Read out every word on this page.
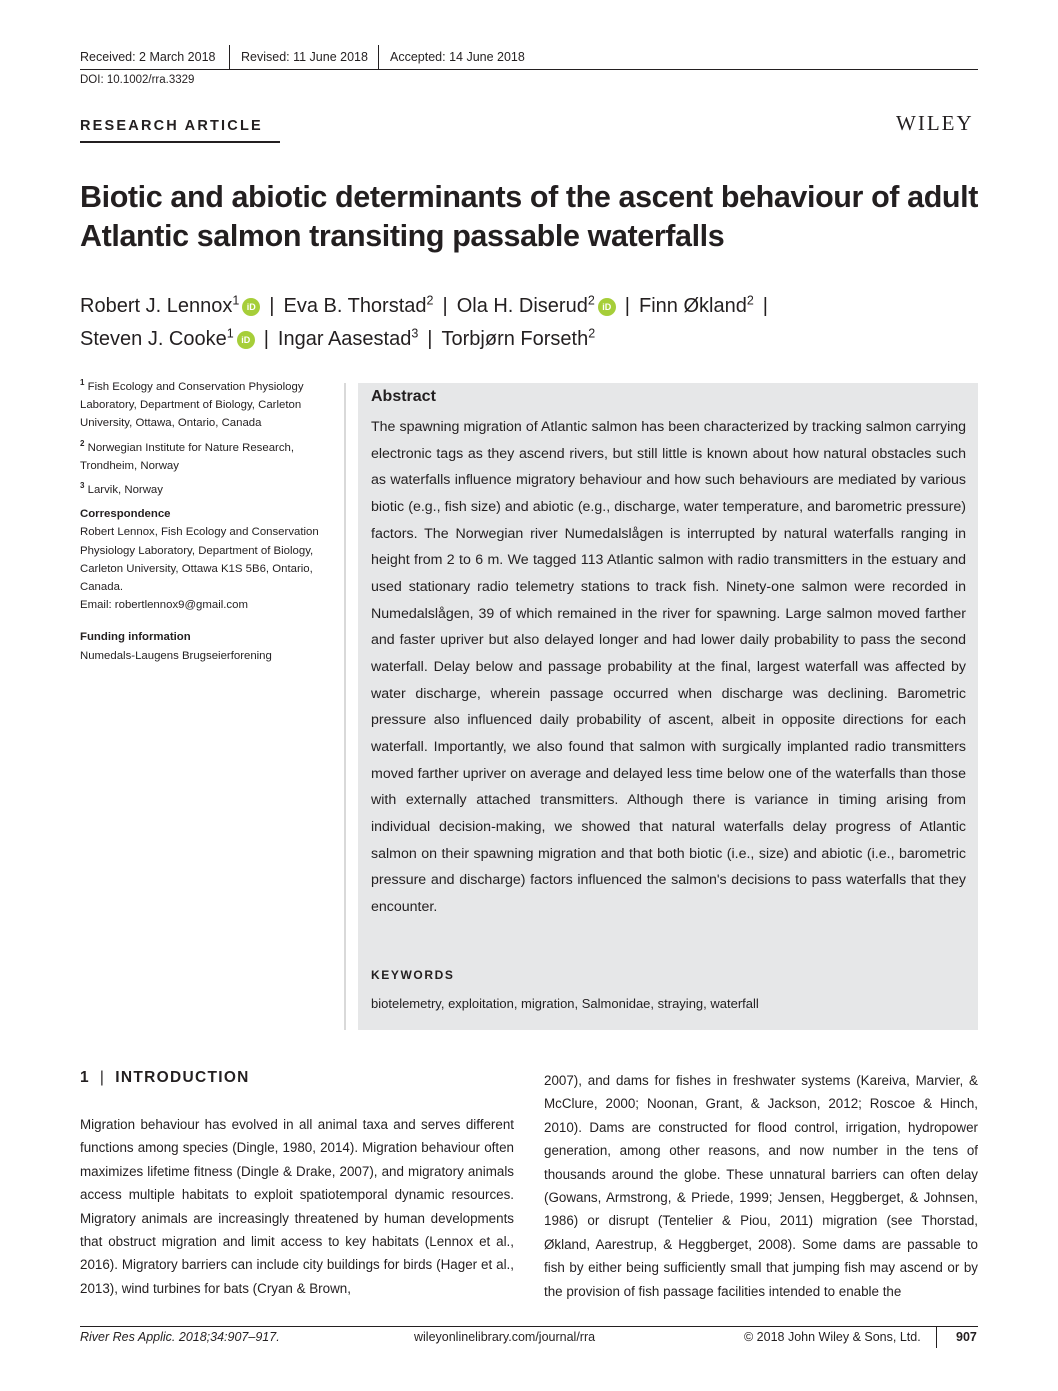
Received: 2 March 2018 Revised: 11 June 2018 Accepted: 14 June 2018
DOI: 10.1002/rra.3329
RESEARCH ARTICLE	WILEY
Biotic and abiotic determinants of the ascent behaviour of adult Atlantic salmon transiting passable waterfalls
Robert J. Lennox$^1$ iD | Eva B. Thorstad$^2$ | Ola H. Diserud$^2$ iD | Finn Økland$^2$ |
Steven J. Cooke$^1$ iD | Ingar Aasestad$^3$ | Torbjørn Forseth$^2$
$^1$ Fish Ecology and Conservation Physiology Laboratory, Department of Biology, Carleton University, Ottawa, Ontario, Canada
$^2$ Norwegian Institute for Nature Research, Trondheim, Norway
$^3$ Larvik, Norway
Correspondence
Robert Lennox, Fish Ecology and Conservation Physiology Laboratory, Department of Biology, Carleton University, Ottawa K1S 5B6, Ontario, Canada.
Email: robertlennox9@gmail.com
Funding information
Numedals-Laugens Brugseierforening
Abstract
The spawning migration of Atlantic salmon has been characterized by tracking salmon carrying electronic tags as they ascend rivers, but still little is known about how natural obstacles such as waterfalls influence migratory behaviour and how such behaviours are mediated by various biotic (e.g., fish size) and abiotic (e.g., discharge, water temperature, and barometric pressure) factors. The Norwegian river Numedalslågen is interrupted by natural waterfalls ranging in height from 2 to 6 m. We tagged 113 Atlantic salmon with radio transmitters in the estuary and used stationary radio telemetry stations to track fish. Ninety-one salmon were recorded in Numedalslågen, 39 of which remained in the river for spawning. Large salmon moved farther and faster upriver but also delayed longer and had lower daily probability to pass the second waterfall. Delay below and passage probability at the final, largest waterfall was affected by water discharge, wherein passage occurred when discharge was declining. Barometric pressure also influenced daily probability of ascent, albeit in opposite directions for each waterfall. Importantly, we also found that salmon with surgically implanted radio transmitters moved farther upriver on average and delayed less time below one of the waterfalls than those with externally attached transmitters. Although there is variance in timing arising from individual decision-making, we showed that natural waterfalls delay progress of Atlantic salmon on their spawning migration and that both biotic (i.e., size) and abiotic (i.e., barometric pressure and discharge) factors influenced the salmon's decisions to pass waterfalls that they encounter.
KEYWORDS
biotelemetry, exploitation, migration, Salmonidae, straying, waterfall
1 | INTRODUCTION
Migration behaviour has evolved in all animal taxa and serves different functions among species (Dingle, 1980, 2014). Migration behaviour often maximizes lifetime fitness (Dingle & Drake, 2007), and migratory animals access multiple habitats to exploit spatiotemporal dynamic resources. Migratory animals are increasingly threatened by human developments that obstruct migration and limit access to key habitats (Lennox et al., 2016). Migratory barriers can include city buildings for birds (Hager et al., 2013), wind turbines for bats (Cryan & Brown,
2007), and dams for fishes in freshwater systems (Kareiva, Marvier, & McClure, 2000; Noonan, Grant, & Jackson, 2012; Roscoe & Hinch, 2010). Dams are constructed for flood control, irrigation, hydropower generation, among other reasons, and now number in the tens of thousands around the globe. These unnatural barriers can often delay (Gowans, Armstrong, & Priede, 1999; Jensen, Heggberget, & Johnsen, 1986) or disrupt (Tentelier & Piou, 2011) migration (see Thorstad, Økland, Aarestrup, & Heggberget, 2008). Some dams are passable to fish by either being sufficiently small that jumping fish may ascend or by the provision of fish passage facilities intended to enable the
River Res Applic. 2018;34:907–917.	wileyonlinelibrary.com/journal/rra	© 2018 John Wiley & Sons, Ltd.	907
